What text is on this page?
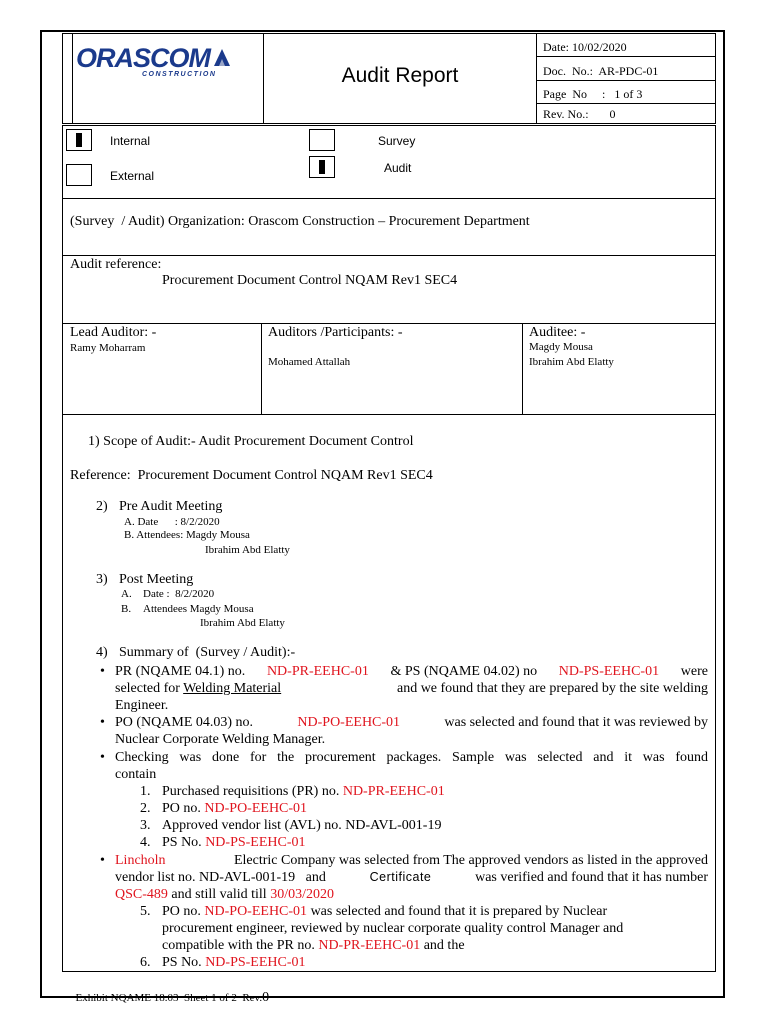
ORASCOM
CONSTRUCTION	Audit Report
Date: 10/02/2020
Doc.  No.:  AR-PDC-01
Page  No     :   1 of 3
Rev. No.:       0
Internal
External
Survey
Audit
(Survey  / Audit) Organization: Orascom Construction – Procurement Department
Audit reference:
Procurement Document Control NQAM Rev1 SEC4
Lead Auditor: -
Ramy Moharram
Auditors /Participants: -
Mohamed Attallah
Auditee: -
Magdy Mousa
Ibrahim Abd Elatty
1) Scope of Audit:- Audit Procurement Document Control
Reference:  Procurement Document Control NQAM Rev1 SEC4
2) Pre Audit Meeting
A. Date      : 8/2/2020
B. Attendees: Magdy Mousa
Ibrahim Abd Elatty
3) Post Meeting
A. Date :  8/2/2020
B. Attendees Magdy Mousa
Ibrahim Abd Elatty
4) Summary of  (Survey / Audit):-
• PR (NQAME 04.1) no. ND-PR-EEHC-01 & PS (NQAME 04.02) no ND-PS-EEHC-01 were
selected for Welding Material	and we found that they are prepared by the site welding
Engineer.
• PO (NQAME 04.03) no.	ND-PO-EEHC-01	was selected and found that it was reviewed by
Nuclear Corporate Welding Manager.
• Checking was done for the procurement packages. Sample was selected and it was found
contain
1. Purchased requisitions (PR) no. ND-PR-EEHC-01
2. PO no. ND-PO-EEHC-01
3. Approved vendor list (AVL) no. ND-AVL-001-19
4. PS No. ND-PS-EEHC-01
• Lincholn	Electric Company was selected from The approved vendors as listed in the approved
vendor list no. ND-AVL-001-19   and	Certificate	was verified and found that it has number
QSC-489 and still valid till 30/03/2020
5. PO no. ND-PO-EEHC-01 was selected and found that it is prepared by Nuclear
procurement engineer, reviewed by nuclear corporate quality control Manager and
compatible with the PR no. ND-PR-EEHC-01 and the
6. PS No. ND-PS-EEHC-01

Exhibit NQAME 18.03  Sheet 1 of 2  Rev.0
